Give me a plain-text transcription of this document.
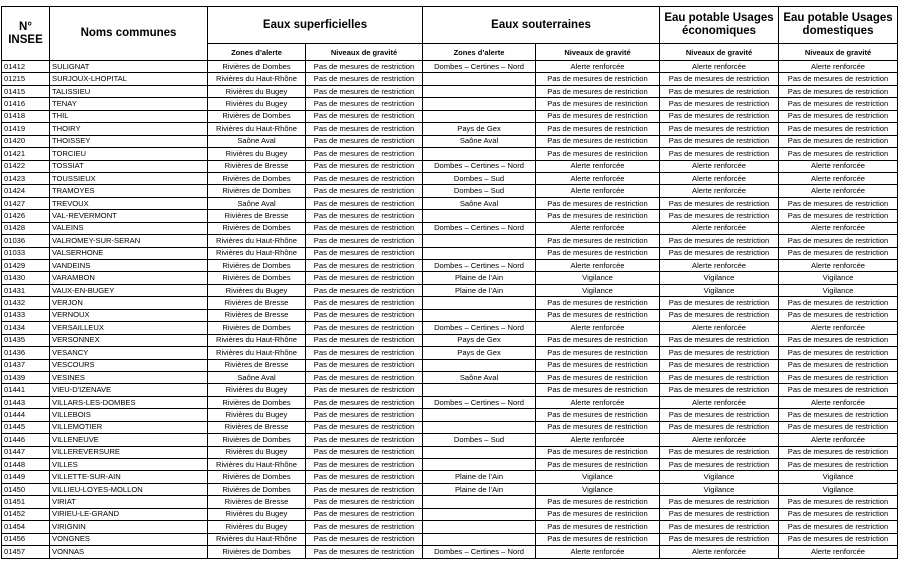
N° INSEE	Noms communes	Eaux superficielles		Eaux souterraines		Eau potable Usages économiques	Eau potable Usages domestiques
		Zones d’alerte	Niveaux de gravité	Zones d’alerte	Niveaux de gravité	Niveaux de gravité	Niveaux de gravité
01412	SULIGNAT	Rivières de Dombes	Pas de mesures de restriction	Dombes – Certines – Nord	Alerte renforcée	Alerte renforcée	Alerte renforcée
01215	SURJOUX-LHOPITAL	Rivières du Haut-Rhône	Pas de mesures de restriction		Pas de mesures de restriction	Pas de mesures de restriction	Pas de mesures de restriction
01415	TALISSIEU	Rivières du Bugey	Pas de mesures de restriction		Pas de mesures de restriction	Pas de mesures de restriction	Pas de mesures de restriction
01416	TENAY	Rivières du Bugey	Pas de mesures de restriction		Pas de mesures de restriction	Pas de mesures de restriction	Pas de mesures de restriction
01418	THIL	Rivières de Dombes	Pas de mesures de restriction		Pas de mesures de restriction	Pas de mesures de restriction	Pas de mesures de restriction
01419	THOIRY	Rivières du Haut-Rhône	Pas de mesures de restriction	Pays de Gex	Pas de mesures de restriction	Pas de mesures de restriction	Pas de mesures de restriction
01420	THOISSEY	Saône Aval	Pas de mesures de restriction	Saône Aval	Pas de mesures de restriction	Pas de mesures de restriction	Pas de mesures de restriction
01421	TORCIEU	Rivières du Bugey	Pas de mesures de restriction		Pas de mesures de restriction	Pas de mesures de restriction	Pas de mesures de restriction
01422	TOSSIAT	Rivières de Bresse	Pas de mesures de restriction	Dombes – Certines – Nord	Alerte renforcée	Alerte renforcée	Alerte renforcée
01423	TOUSSIEUX	Rivières de Dombes	Pas de mesures de restriction	Dombes – Sud	Alerte renforcée	Alerte renforcée	Alerte renforcée
01424	TRAMOYES	Rivières de Dombes	Pas de mesures de restriction	Dombes – Sud	Alerte renforcée	Alerte renforcée	Alerte renforcée
01427	TREVOUX	Saône Aval	Pas de mesures de restriction	Saône Aval	Pas de mesures de restriction	Pas de mesures de restriction	Pas de mesures de restriction
01426	VAL-REVERMONT	Rivières de Bresse	Pas de mesures de restriction		Pas de mesures de restriction	Pas de mesures de restriction	Pas de mesures de restriction
01428	VALEINS	Rivières de Dombes	Pas de mesures de restriction	Dombes – Certines – Nord	Alerte renforcée	Alerte renforcée	Alerte renforcée
01036	VALROMEY-SUR-SERAN	Rivières du Haut-Rhône	Pas de mesures de restriction		Pas de mesures de restriction	Pas de mesures de restriction	Pas de mesures de restriction
01033	VALSERHONE	Rivières du Haut-Rhône	Pas de mesures de restriction		Pas de mesures de restriction	Pas de mesures de restriction	Pas de mesures de restriction
01429	VANDEINS	Rivières de Dombes	Pas de mesures de restriction	Dombes – Certines – Nord	Alerte renforcée	Alerte renforcée	Alerte renforcée
01430	VARAMBON	Rivières de Dombes	Pas de mesures de restriction	Plaine de l’Ain	Vigilance	Vigilance	Vigilance
01431	VAUX-EN-BUGEY	Rivières du Bugey	Pas de mesures de restriction	Plaine de l’Ain	Vigilance	Vigilance	Vigilance
01432	VERJON	Rivières de Bresse	Pas de mesures de restriction		Pas de mesures de restriction	Pas de mesures de restriction	Pas de mesures de restriction
01433	VERNOUX	Rivières de Bresse	Pas de mesures de restriction		Pas de mesures de restriction	Pas de mesures de restriction	Pas de mesures de restriction
01434	VERSAILLEUX	Rivières de Dombes	Pas de mesures de restriction	Dombes – Certines – Nord	Alerte renforcée	Alerte renforcée	Alerte renforcée
01435	VERSONNEX	Rivières du Haut-Rhône	Pas de mesures de restriction	Pays de Gex	Pas de mesures de restriction	Pas de mesures de restriction	Pas de mesures de restriction
01436	VESANCY	Rivières du Haut-Rhône	Pas de mesures de restriction	Pays de Gex	Pas de mesures de restriction	Pas de mesures de restriction	Pas de mesures de restriction
01437	VESCOURS	Rivières de Bresse	Pas de mesures de restriction		Pas de mesures de restriction	Pas de mesures de restriction	Pas de mesures de restriction
01439	VESINES	Saône Aval	Pas de mesures de restriction	Saône Aval	Pas de mesures de restriction	Pas de mesures de restriction	Pas de mesures de restriction
01441	VIEU-D'IZENAVE	Rivières du Bugey	Pas de mesures de restriction		Pas de mesures de restriction	Pas de mesures de restriction	Pas de mesures de restriction
01443	VILLARS-LES-DOMBES	Rivières de Dombes	Pas de mesures de restriction	Dombes – Certines – Nord	Alerte renforcée	Alerte renforcée	Alerte renforcée
01444	VILLEBOIS	Rivières du Bugey	Pas de mesures de restriction		Pas de mesures de restriction	Pas de mesures de restriction	Pas de mesures de restriction
01445	VILLEMOTIER	Rivières de Bresse	Pas de mesures de restriction		Pas de mesures de restriction	Pas de mesures de restriction	Pas de mesures de restriction
01446	VILLENEUVE	Rivières de Dombes	Pas de mesures de restriction	Dombes – Sud	Alerte renforcée	Alerte renforcée	Alerte renforcée
01447	VILLEREVERSURE	Rivières du Bugey	Pas de mesures de restriction		Pas de mesures de restriction	Pas de mesures de restriction	Pas de mesures de restriction
01448	VILLES	Rivières du Haut-Rhône	Pas de mesures de restriction		Pas de mesures de restriction	Pas de mesures de restriction	Pas de mesures de restriction
01449	VILLETTE-SUR-AIN	Rivières de Dombes	Pas de mesures de restriction	Plaine de l’Ain	Vigilance	Vigilance	Vigilance
01450	VILLIEU-LOYES-MOLLON	Rivières de Dombes	Pas de mesures de restriction	Plaine de l’Ain	Vigilance	Vigilance	Vigilance
01451	VIRIAT	Rivières de Bresse	Pas de mesures de restriction		Pas de mesures de restriction	Pas de mesures de restriction	Pas de mesures de restriction
01452	VIRIEU-LE-GRAND	Rivières du Bugey	Pas de mesures de restriction		Pas de mesures de restriction	Pas de mesures de restriction	Pas de mesures de restriction
01454	VIRIGNIN	Rivières du Bugey	Pas de mesures de restriction		Pas de mesures de restriction	Pas de mesures de restriction	Pas de mesures de restriction
01456	VONGNES	Rivières du Haut-Rhône	Pas de mesures de restriction		Pas de mesures de restriction	Pas de mesures de restriction	Pas de mesures de restriction
01457	VONNAS	Rivières de Dombes	Pas de mesures de restriction	Dombes – Certines – Nord	Alerte renforcée	Alerte renforcée	Alerte renforcée
